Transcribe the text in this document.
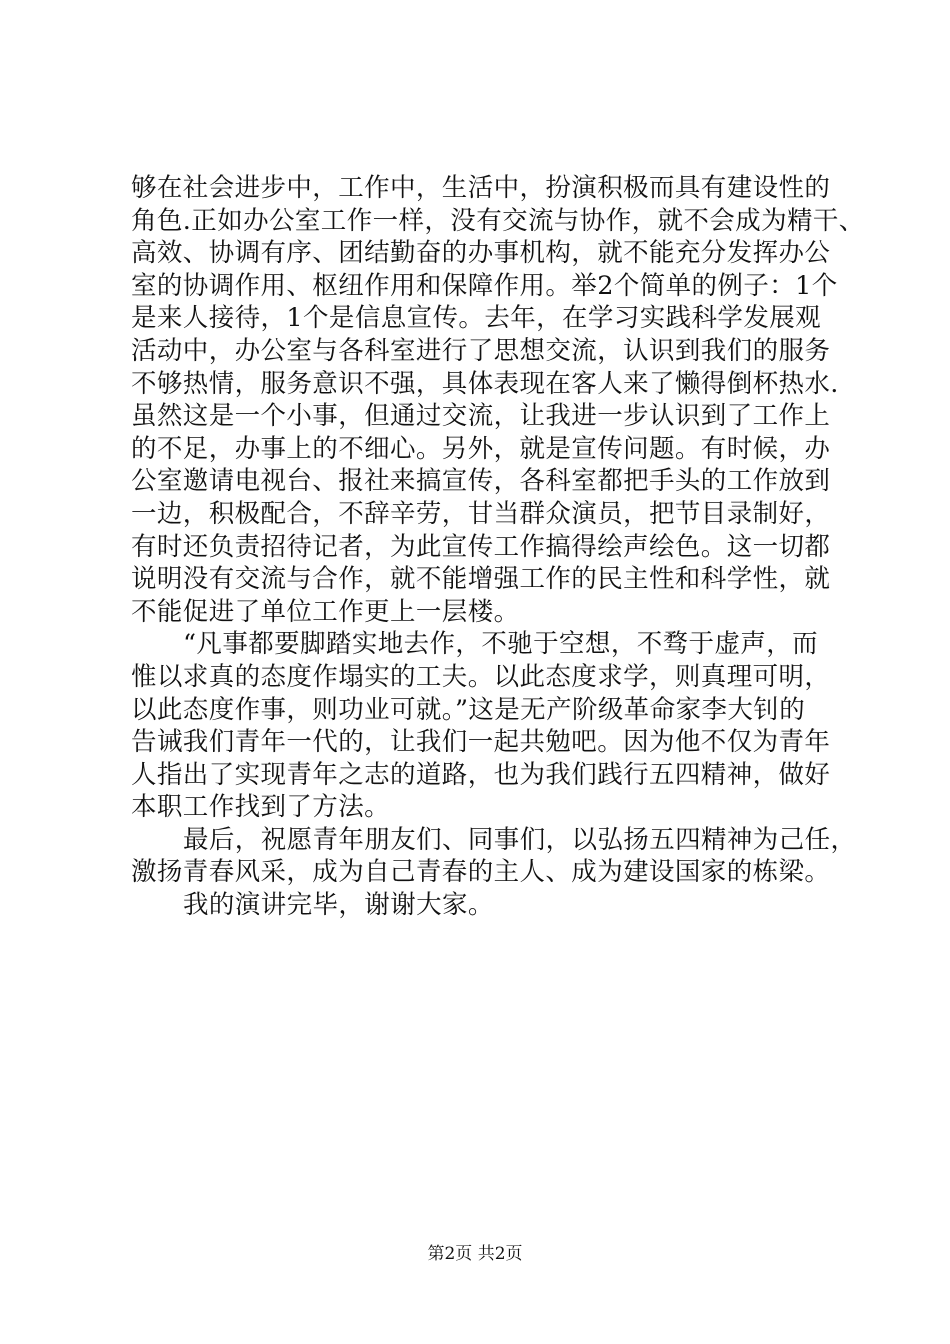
够在社会进步中，工作中，生活中，扮演积极而具有建设性的
角色.正如办公室工作一样，没有交流与协作，就不会成为精干、
高效、协调有序、团结勤奋的办事机构，就不能充分发挥办公
室的协调作用、枢纽作用和保障作用。举2个简单的例子：1个
是来人接待，1个是信息宣传。去年，在学习实践科学发展观
活动中，办公室与各科室进行了思想交流，认识到我们的服务
不够热情，服务意识不强，具体表现在客人来了懒得倒杯热水.
虽然这是一个小事，但通过交流，让我进一步认识到了工作上
的不足，办事上的不细心。另外，就是宣传问题。有时候，办
公室邀请电视台、报社来搞宣传，各科室都把手头的工作放到
一边，积极配合，不辞辛劳，甘当群众演员，把节目录制好，
有时还负责招待记者，为此宣传工作搞得绘声绘色。这一切都
说明没有交流与合作，就不能增强工作的民主性和科学性，就
不能促进了单位工作更上一层楼。
“凡事都要脚踏实地去作，不驰于空想，不骛于虚声，而
惟以求真的态度作塌实的工夫。以此态度求学，则真理可明，
以此态度作事，则功业可就。”这是无产阶级革命家李大钊的
告诫我们青年一代的，让我们一起共勉吧。因为他不仅为青年
人指出了实现青年之志的道路，也为我们践行五四精神，做好
本职工作找到了方法。
最后，祝愿青年朋友们、同事们，以弘扬五四精神为己任，
激扬青春风采，成为自己青春的主人、成为建设国家的栋梁。
我的演讲完毕，谢谢大家。
第2页 共2页
